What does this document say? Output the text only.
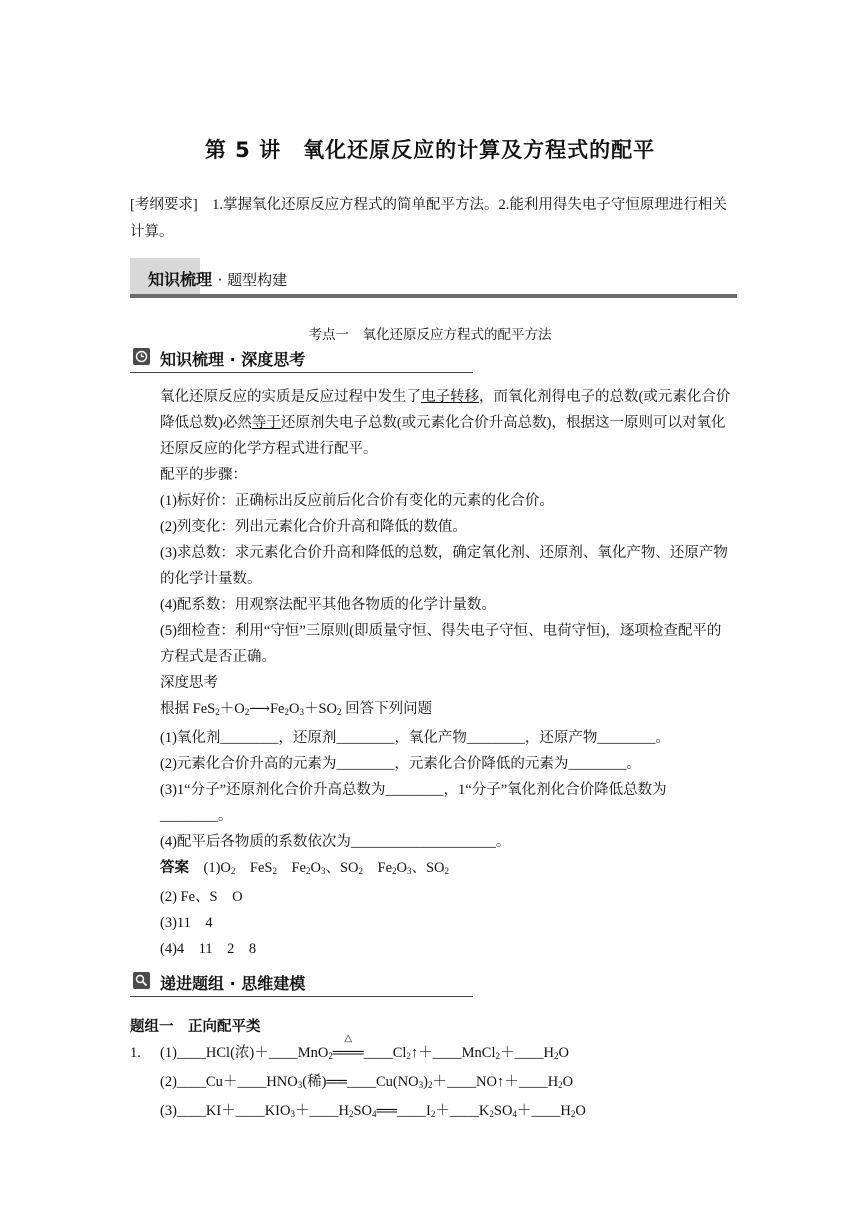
第 5 讲　氧化还原反应的计算及方程式的配平
[考纲要求]　1.掌握氧化还原反应方程式的简单配平方法。2.能利用得失电子守恒原理进行相关计算。
知识梳理 · 题型构建
考点一　氧化还原反应方程式的配平方法
知识梳理 · 深度思考

氧化还原反应的实质是反应过程中发生了电子转移，而氧化剂得电子的总数(或元素化合价降低总数)必然等于还原剂失电子总数(或元素化合价升高总数)，根据这一原则可以对氧化还原反应的化学方程式进行配平。

配平的步骤：

(1)标好价：正确标出反应前后化合价有变化的元素的化合价。

(2)列变化：列出元素化合价升高和降低的数值。

(3)求总数：求元素化合价升高和降低的总数，确定氧化剂、还原剂、氧化产物、还原产物的化学计量数。

(4)配系数：用观察法配平其他各物质的化学计量数。

(5)细检查：利用“守恒”三原则(即质量守恒、得失电子守恒、电荷守恒)，逐项检查配平的方程式是否正确。

深度思考

根据 $FeS_2+O_2⟶Fe_2O_3+SO_2$ 回答下列问题

(1)氧化剂________，还原剂________，氧化产物________，还原产物________。

(2)元素化合价升高的元素为________，元素化合价降低的元素为________。

(3)1“分子”还原剂化合价升高总数为________，1“分子”氧化剂化合价降低总数为________。

(4)配平后各物质的系数依次为____________________。

答案　$(1)O_2$　FeS$_2$　$Fe_2O_3$、$SO_2$　$Fe_2O_3$、$SO_2$

(2) Fe、S　O

(3)11　4

(4)4　11　2　8

递进题组 · 思维建模

题组一　正向配平类

1. (1)____HCl(浓)＋____MnO$_2$
△
$═══\_\_\_\_Cl_2↑+\_\_\_\_MnCl_2+\_\_\_\_H_2O$

$(2)\_\_\_\_Cu+\_\_\_\_HNO_3$(稀)$══\_\_\_\_Cu(NO_3)_2+\_\_\_\_NO↑+\_\_\_\_H_2O$

$(3)\_\_\_\_KI+\_\_\_\_KIO_3+\_\_\_\_H_2SO_4══\_\_\_\_I_2+\_\_\_\_K_2SO_4+\_\_\_\_H_2O$
